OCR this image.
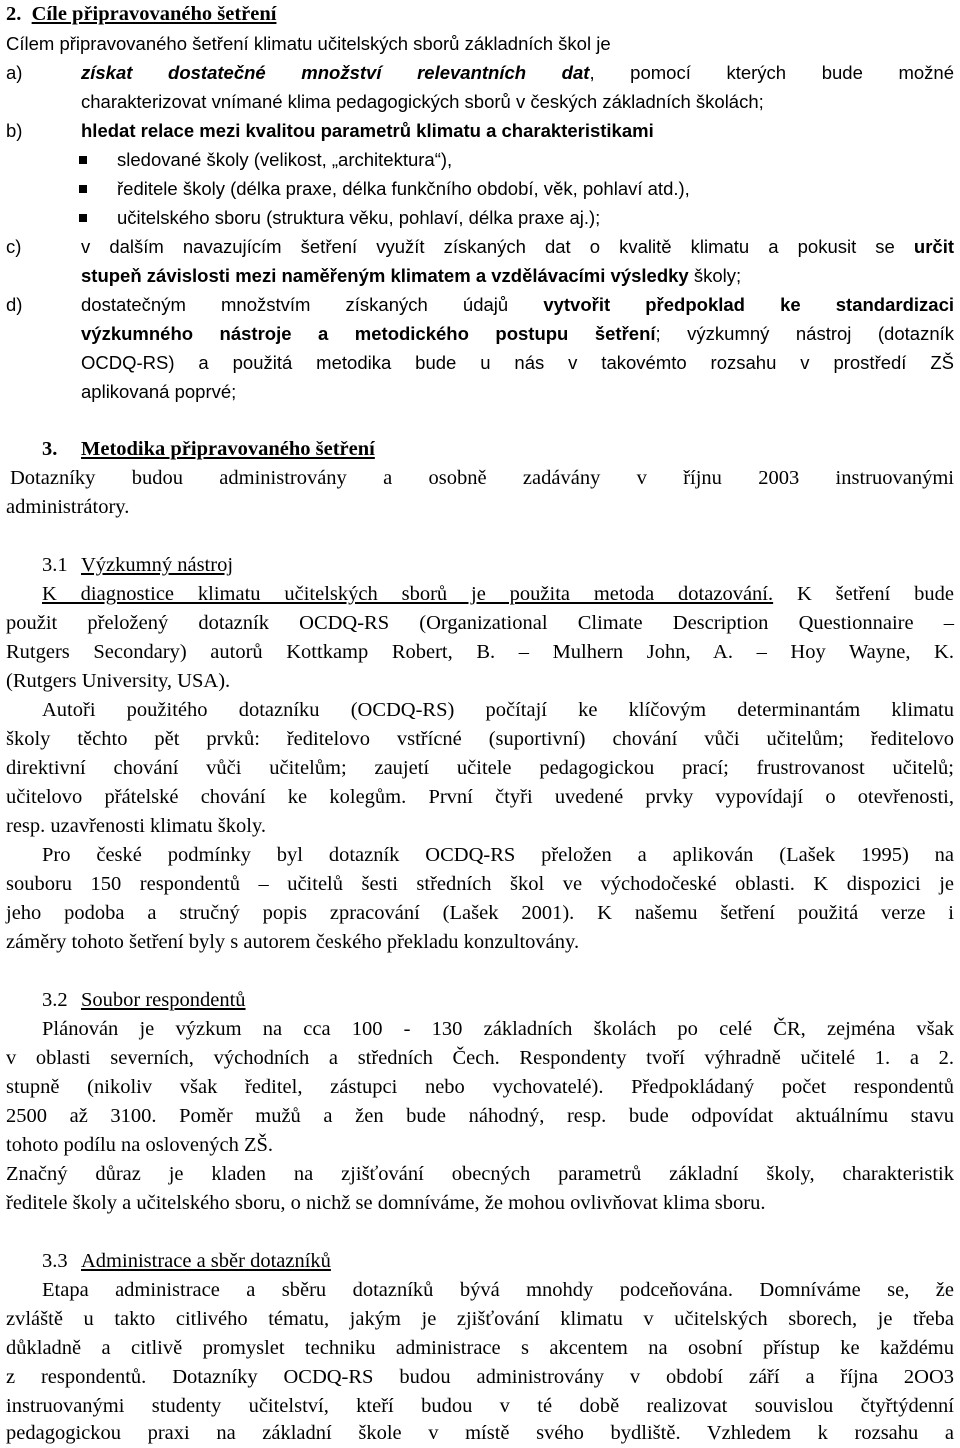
2. Cíle připravovaného šetření
Cílem připravovaného šetření klimatu učitelských sborů základních škol je
a)	získat dostatečné množství relevantních dat, pomocí kterých bude možné
charakterizovat vnímané klima pedagogických sborů v českých základních školách;
b)	hledat relace mezi kvalitou parametrů klimatu a charakteristikami
sledované školy (velikost, „architektura“),
ředitele školy (délka praxe, délka funkčního období, věk, pohlaví atd.),
učitelského sboru (struktura věku, pohlaví, délka praxe aj.);
c)	v dalším navazujícím šetření využít získaných dat o kvalitě klimatu a pokusit se určit
stupeň závislosti mezi naměřeným klimatem a vzdělávacími výsledky školy;
d)	dostatečným množstvím získaných údajů vytvořit předpoklad ke standardizaci
výzkumného nástroje a metodického postupu šetření; výzkumný nástroj (dotazník
OCDQ-RS) a použitá metodika bude u nás v takovémto rozsahu v prostředí ZŠ
aplikovaná poprvé;
3. Metodika připravovaného šetření
Dotazníky budou administrovány a osobně zadávány v říjnu 2003 instruovanými
administrátory.
3.1 Výzkumný nástroj
K diagnostice klimatu učitelských sborů je použita metoda dotazování. K šetření bude
použit přeložený dotazník OCDQ-RS (Organizational Climate Description Questionnaire –
Rutgers Secondary) autorů Kottkamp Robert, B. – Mulhern John, A. – Hoy Wayne, K.
(Rutgers University, USA).
Autoři použitého dotazníku (OCDQ-RS) počítají ke klíčovým determinantám klimatu
školy těchto pět prvků: ředitelovo vstřícné (suportivní) chování vůči učitelům; ředitelovo
direktivní chování vůči učitelům; zaujetí učitele pedagogickou prací; frustrovanost učitelů;
učitelovo přátelské chování ke kolegům. První čtyři uvedené prvky vypovídají o otevřenosti,
resp. uzavřenosti klimatu školy.
Pro české podmínky byl dotazník OCDQ-RS přeložen a aplikován (Lašek 1995) na
souboru 150 respondentů – učitelů šesti středních škol ve východočeské oblasti. K dispozici je
jeho podoba a stručný popis zpracování (Lašek 2001). K našemu šetření použitá verze i
záměry tohoto šetření byly s autorem českého překladu konzultovány.
3.2 Soubor respondentů
Plánován je výzkum na cca 100 - 130 základních školách po celé ČR, zejména však
v oblasti severních, východních a středních Čech. Respondenty tvoří výhradně učitelé 1. a 2.
stupně (nikoliv však ředitel, zástupci nebo vychovatelé). Předpokládaný počet respondentů
2500 až 3100. Poměr mužů a žen bude náhodný, resp. bude odpovídat aktuálnímu stavu
tohoto podílu na oslovených ZŠ.
Značný důraz je kladen na zjišťování obecných parametrů základní školy, charakteristik
ředitele školy a učitelského sboru, o nichž se domníváme, že mohou ovlivňovat klima sboru.
3.3 Administrace a sběr dotazníků
Etapa administrace a sběru dotazníků bývá mnohdy podceňována. Domníváme se, že
zvláště u takto citlivého tématu, jakým je zjišťování klimatu v učitelských sborech, je třeba
důkladně a citlivě promyslet techniku administrace s akcentem na osobní přístup ke každému
z respondentů. Dotazníky OCDQ-RS budou administrovány v období září a října 2OO3
instruovanými studenty učitelství, kteří budou v té době realizovat souvislou čtyřtýdenní
pedagogickou praxi na základní škole v místě svého bydliště. Vzhledem k rozsahu a
